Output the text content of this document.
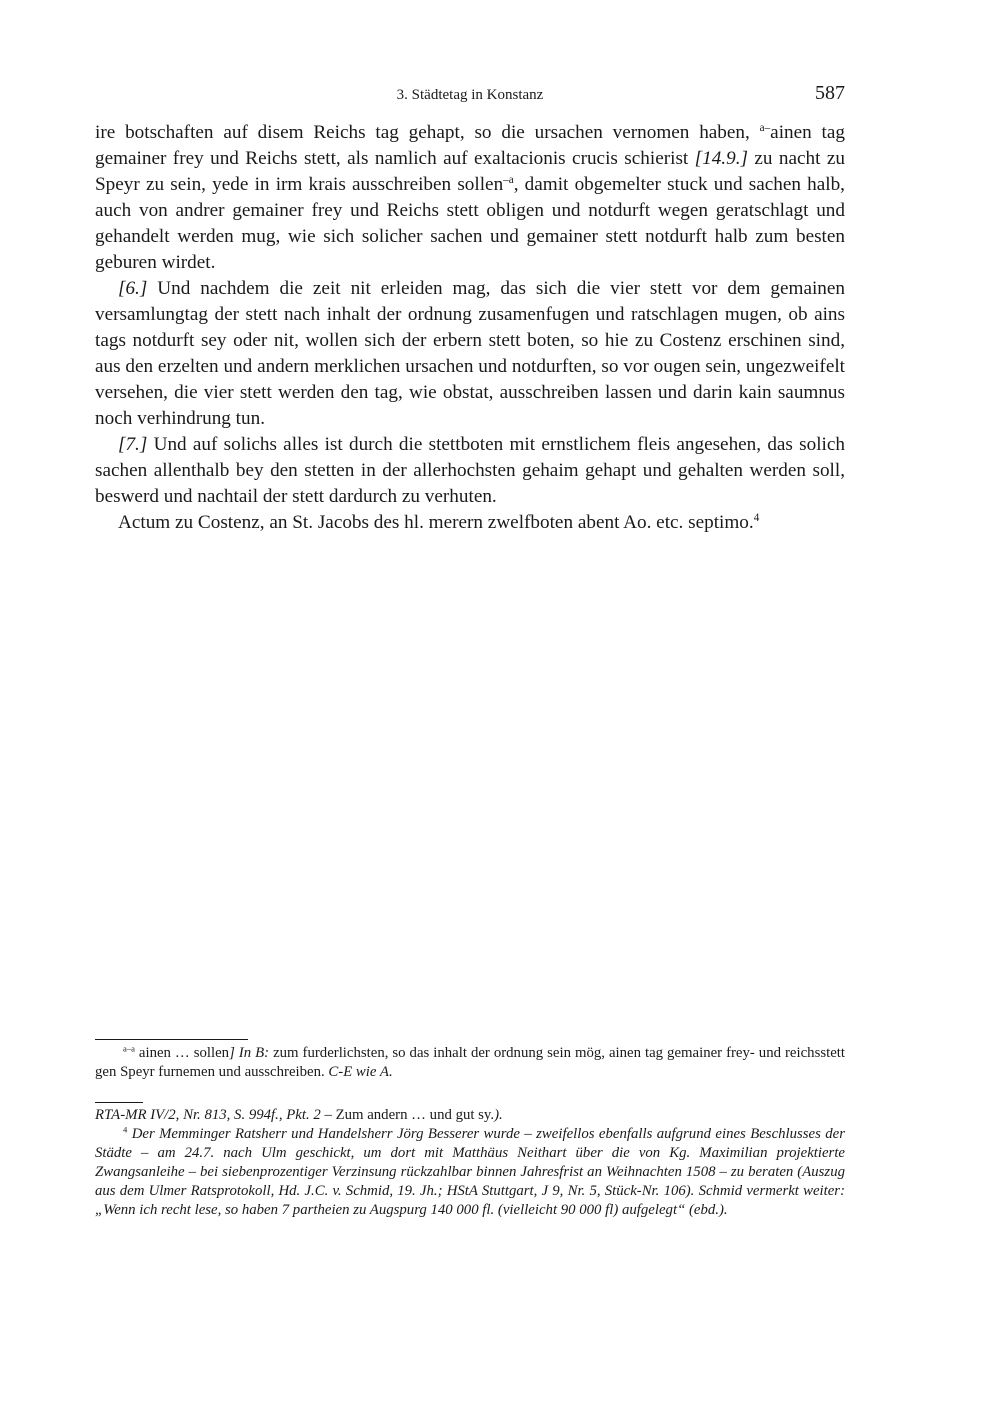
3. Städtetag in Konstanz	587

ire botschaften auf disem Reichs tag gehapt, so die ursachen vernomen haben, $^{a-}$ainen tag gemainer frey und Reichs stett, als namlich auf exaltacionis crucis schierist [14.9.] zu nacht zu Speyr zu sein, yede in irm krais ausschreiben sollen$^{-a}$, damit obgemelter stuck und sachen halb, auch von andrer gemainer frey und Reichs stett obligen und notdurft wegen geratschlagt und gehandelt werden mug, wie sich solicher sachen und gemainer stett notdurft halb zum besten geburen wirdet.

[6.] Und nachdem die zeit nit erleiden mag, das sich die vier stett vor dem gemainen versamlungtag der stett nach inhalt der ordnung zusamenfugen und ratschlagen mugen, ob ains tags notdurft sey oder nit, wollen sich der erbern stett boten, so hie zu Costenz erschinen sind, aus den erzelten und andern merklichen ursachen und notdurften, so vor ougen sein, ungezweifelt versehen, die vier stett werden den tag, wie obstat, ausschreiben lassen und darin kain saumnus noch verhindrung tun.

[7.] Und auf solichs alles ist durch die stettboten mit ernstlichem fleis angesehen, das solich sachen allenthalb bey den stetten in der allerhochsten gehaim gehapt und gehalten werden soll, beswerd und nachtail der stett dardurch zu verhuten.

Actum zu Costenz, an St. Jacobs des hl. merern zwelfboten abent Ao. etc. septimo.$^4$

$^{a-a}$ ainen … sollen] In B: zum furderlichsten, so das inhalt der ordnung sein mög, ainen tag gemainer frey- und reichsstett gen Speyr furnemen und ausschreiben. C-E wie A.

RTA-MR IV/2, Nr. 813, S. 994f., Pkt. 2 – Zum andern … und gut sy.).

$^4$ Der Memminger Ratsherr und Handelsherr Jörg Besserer wurde – zweifellos ebenfalls aufgrund eines Beschlusses der Städte – am 24.7. nach Ulm geschickt, um dort mit Matthäus Neithart über die von Kg. Maximilian projektierte Zwangsanleihe – bei siebenprozentiger Verzinsung rückzahlbar binnen Jahresfrist an Weihnachten 1508 – zu beraten (Auszug aus dem Ulmer Ratsprotokoll, Hd. J.C. v. Schmid, 19. Jh.; HStA Stuttgart, J 9, Nr. 5, Stück-Nr. 106). Schmid vermerkt weiter: „Wenn ich recht lese, so haben 7 partheien zu Augspurg 140 000 fl. (vielleicht 90 000 fl) aufgelegt“ (ebd.).
